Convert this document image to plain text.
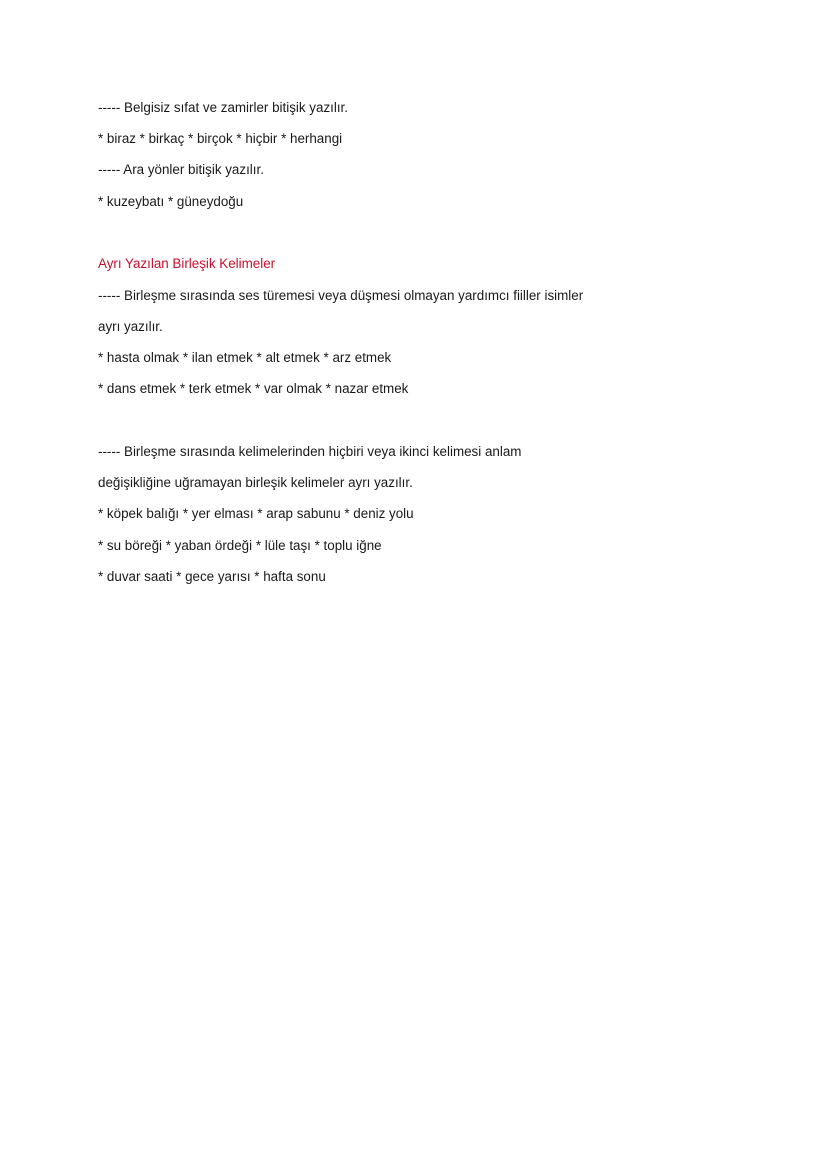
----- Belgisiz sıfat ve zamirler bitişik yazılır.
* biraz * birkaç * birçok * hiçbir * herhangi
----- Ara yönler bitişik yazılır.
* kuzeybatı * güneydoğu
Ayrı Yazılan Birleşik Kelimeler
----- Birleşme sırasında ses türemesi veya düşmesi olmayan yardımcı fiiller isimler
ayrı yazılır.
* hasta olmak * ilan etmek * alt etmek * arz etmek
* dans etmek * terk etmek * var olmak * nazar etmek
----- Birleşme sırasında kelimelerinden hiçbiri veya ikinci kelimesi anlam
değişikliğine uğramayan birleşik kelimeler ayrı yazılır.
* köpek balığı * yer elması * arap sabunu * deniz yolu
* su böreği * yaban ördeği * lüle taşı * toplu iğne
* duvar saati * gece yarısı * hafta sonu
